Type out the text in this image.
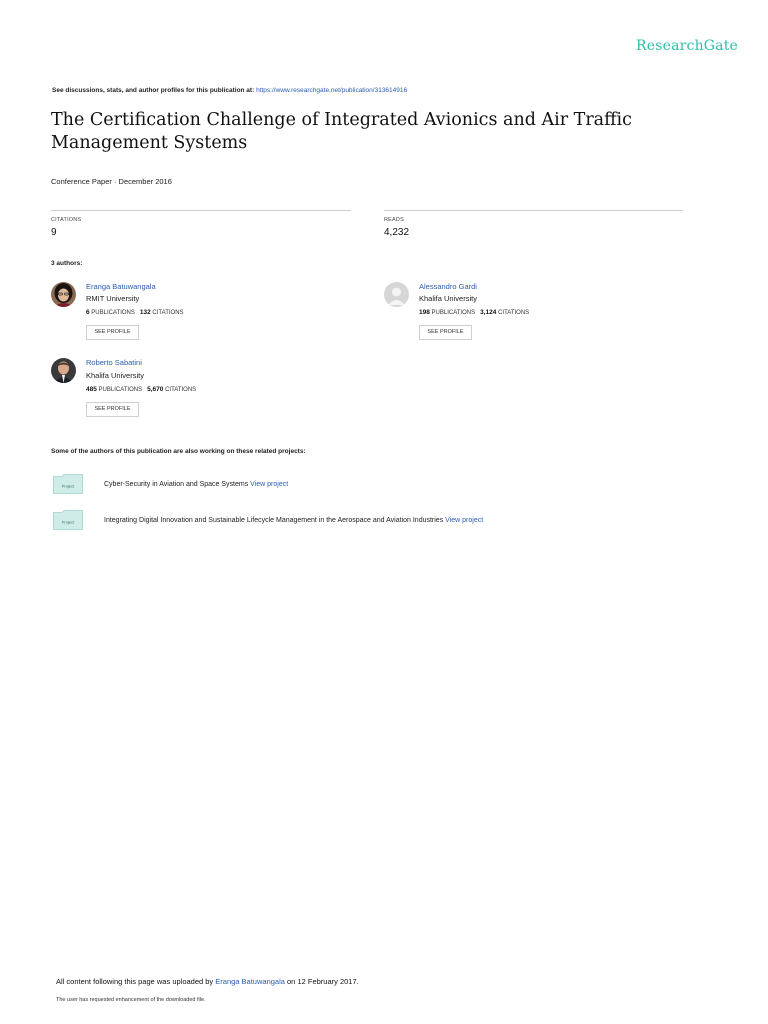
ResearchGate
See discussions, stats, and author profiles for this publication at: https://www.researchgate.net/publication/313614916
The Certification Challenge of Integrated Avionics and Air Traffic Management Systems
Conference Paper · December 2016
CITATIONS
9
READS
4,232
3 authors:
Eranga Batuwangala
RMIT University
6 PUBLICATIONS 132 CITATIONS
SEE PROFILE
Alessandro Gardi
Khalifa University
198 PUBLICATIONS 3,124 CITATIONS
SEE PROFILE
Roberto Sabatini
Khalifa University
485 PUBLICATIONS 5,670 CITATIONS
SEE PROFILE
Some of the authors of this publication are also working on these related projects:
Project	Cyber-Security in Aviation and Space Systems View project
Project	Integrating Digital Innovation and Sustainable Lifecycle Management in the Aerospace and Aviation Industries View project
All content following this page was uploaded by Eranga Batuwangala on 12 February 2017.
The user has requested enhancement of the downloaded file.
